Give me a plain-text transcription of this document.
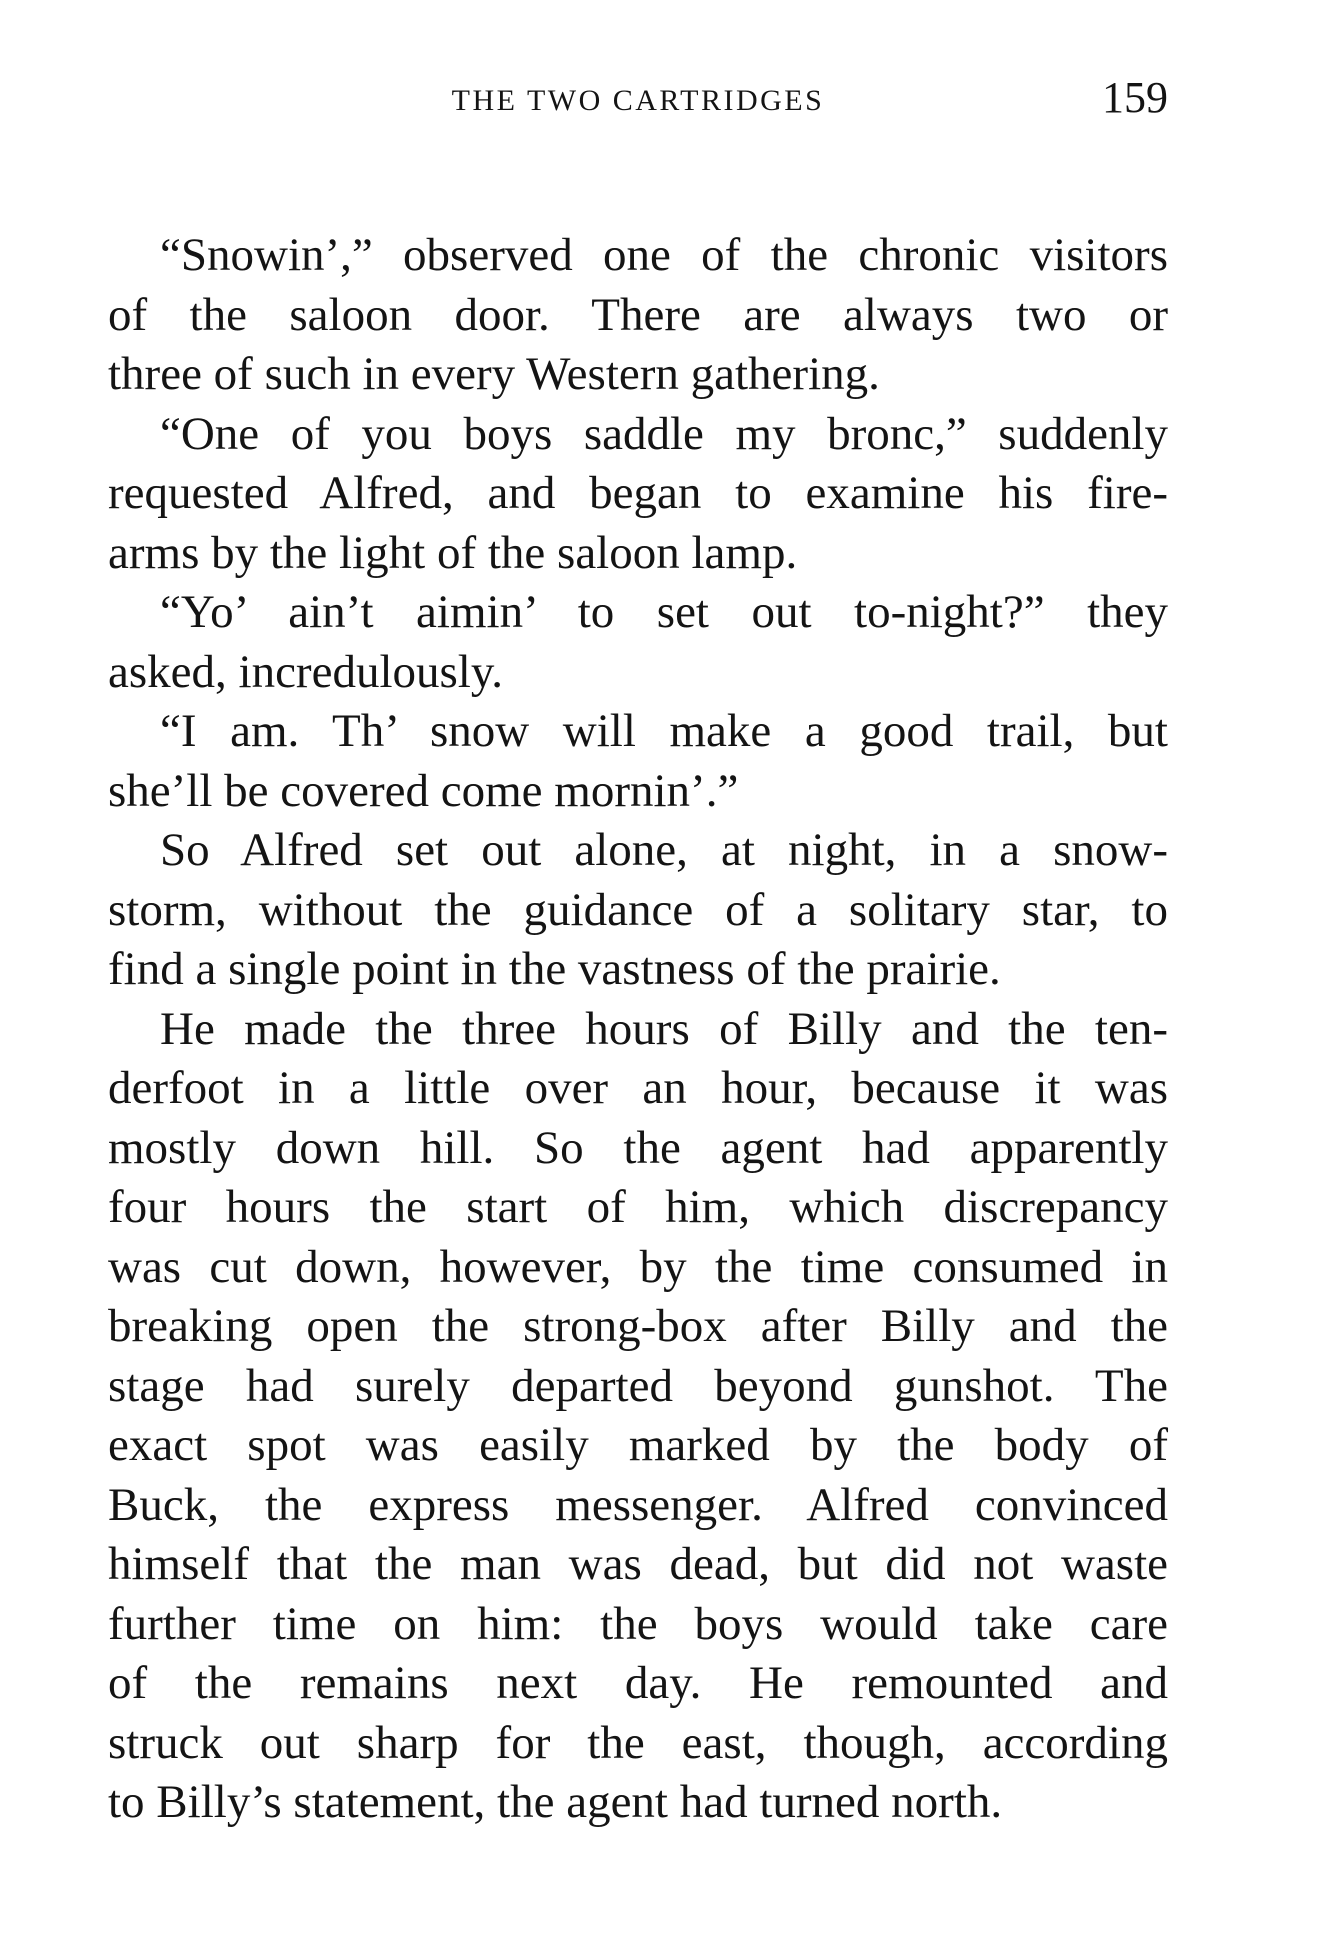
THE TWO CARTRIDGES	159
“Snowin’,” observed one of the chronic visitors
of the saloon door. There are always two or
three of such in every Western gathering.
“One of you boys saddle my bronc,” suddenly
requested Alfred, and began to examine his fire-
arms by the light of the saloon lamp.
“Yo’ ain’t aimin’ to set out to-night?” they
asked, incredulously.
“I am. Th’ snow will make a good trail, but
she’ll be covered come mornin’.”
So Alfred set out alone, at night, in a snow-
storm, without the guidance of a solitary star, to
find a single point in the vastness of the prairie.
He made the three hours of Billy and the ten-
derfoot in a little over an hour, because it was
mostly down hill. So the agent had apparently
four hours the start of him, which discrepancy
was cut down, however, by the time consumed in
breaking open the strong-box after Billy and the
stage had surely departed beyond gunshot. The
exact spot was easily marked by the body of
Buck, the express messenger. Alfred convinced
himself that the man was dead, but did not waste
further time on him: the boys would take care
of the remains next day. He remounted and
struck out sharp for the east, though, according
to Billy’s statement, the agent had turned north.
